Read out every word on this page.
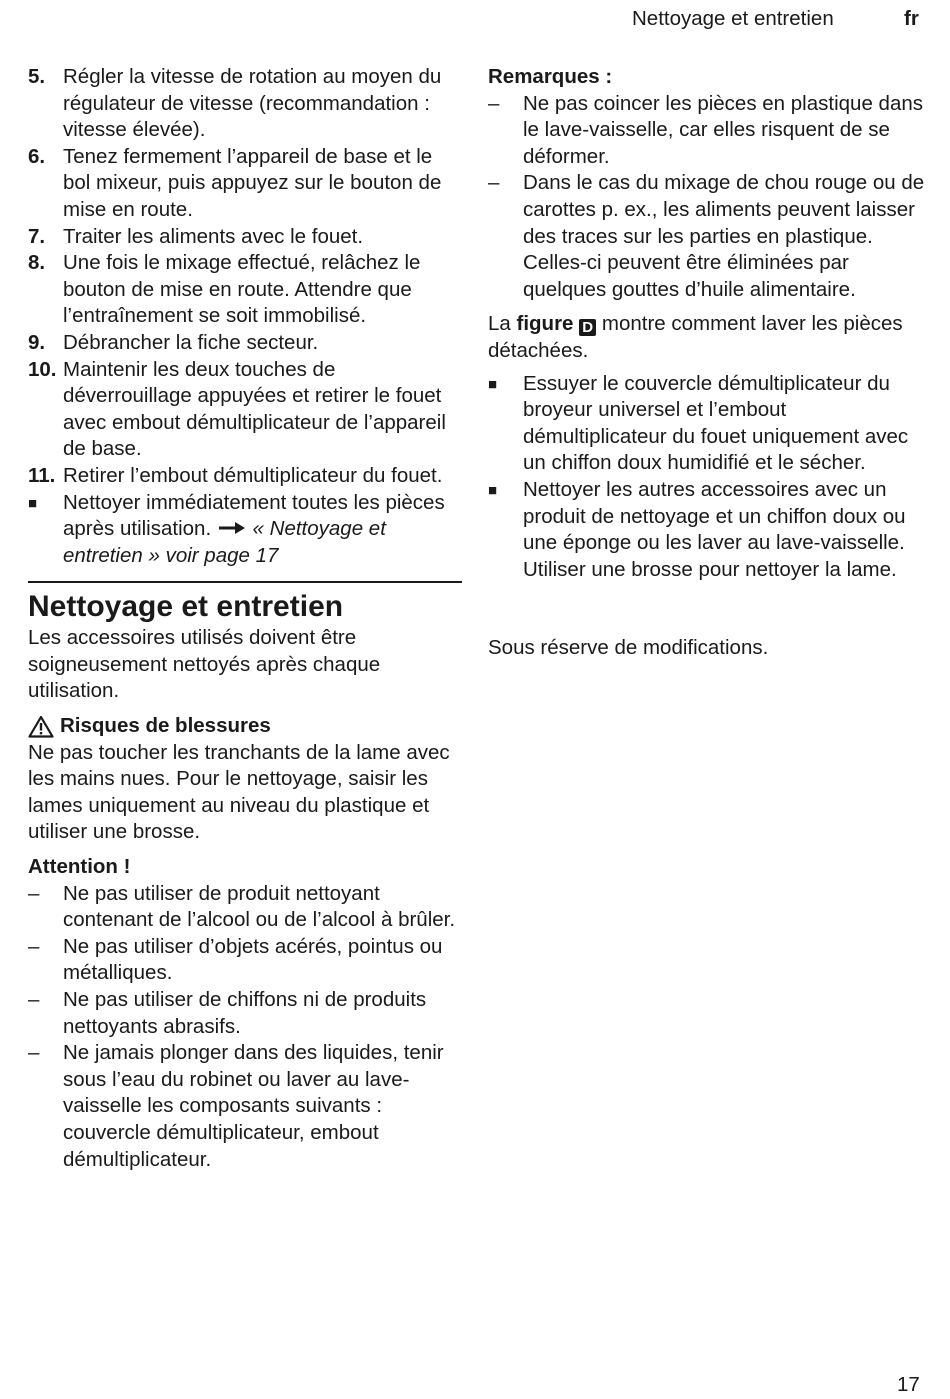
Nettoyage et entretien	fr
5. Régler la vitesse de rotation au moyen du régulateur de vitesse (recommandation : vitesse élevée).
6. Tenez fermement l’appareil de base et le bol mixeur, puis appuyez sur le bouton de mise en route.
7. Traiter les aliments avec le fouet.
8. Une fois le mixage effectué, relâchez le bouton de mise en route. Attendre que l’entraînement se soit immobilisé.
9. Débrancher la fiche secteur.
10. Maintenir les deux touches de déverrouillage appuyées et retirer le fouet avec embout démultiplicateur de l’appareil de base.
11. Retirer l’embout démultiplicateur du fouet.
■ Nettoyer immédiatement toutes les pièces après utilisation. « Nettoyage et entretien » voir page 17
Nettoyage et entretien

Les accessoires utilisés doivent être soigneusement nettoyés après chaque utilisation.

Risques de blessures

Ne pas toucher les tranchants de la lame avec les mains nues. Pour le nettoyage, saisir les lames uniquement au niveau du plastique et utiliser une brosse.

Attention !
– Ne pas utiliser de produit nettoyant contenant de l’alcool ou de l’alcool à brûler.
– Ne pas utiliser d’objets acérés, pointus ou métalliques.
– Ne pas utiliser de chiffons ni de produits nettoyants abrasifs.
– Ne jamais plonger dans des liquides, tenir sous l’eau du robinet ou laver au lave-vaisselle les composants suivants : couvercle démultiplicateur, embout démultiplicateur.
Remarques :
– Ne pas coincer les pièces en plastique dans le lave-vaisselle, car elles risquent de se déformer.
– Dans le cas du mixage de chou rouge ou de carottes p. ex., les aliments peuvent laisser des traces sur les parties en plastique. Celles-ci peuvent être éliminées par quelques gouttes d’huile alimentaire.

La figure D montre comment laver les pièces détachées.

■ Essuyer le couvercle démultiplicateur du broyeur universel et l’embout démultiplicateur du fouet uniquement avec un chiffon doux humidifié et le sécher.
■ Nettoyer les autres accessoires avec un produit de nettoyage et un chiffon doux ou une éponge ou les laver au lave-vaisselle. Utiliser une brosse pour nettoyer la lame.

Sous réserve de modifications.

17
